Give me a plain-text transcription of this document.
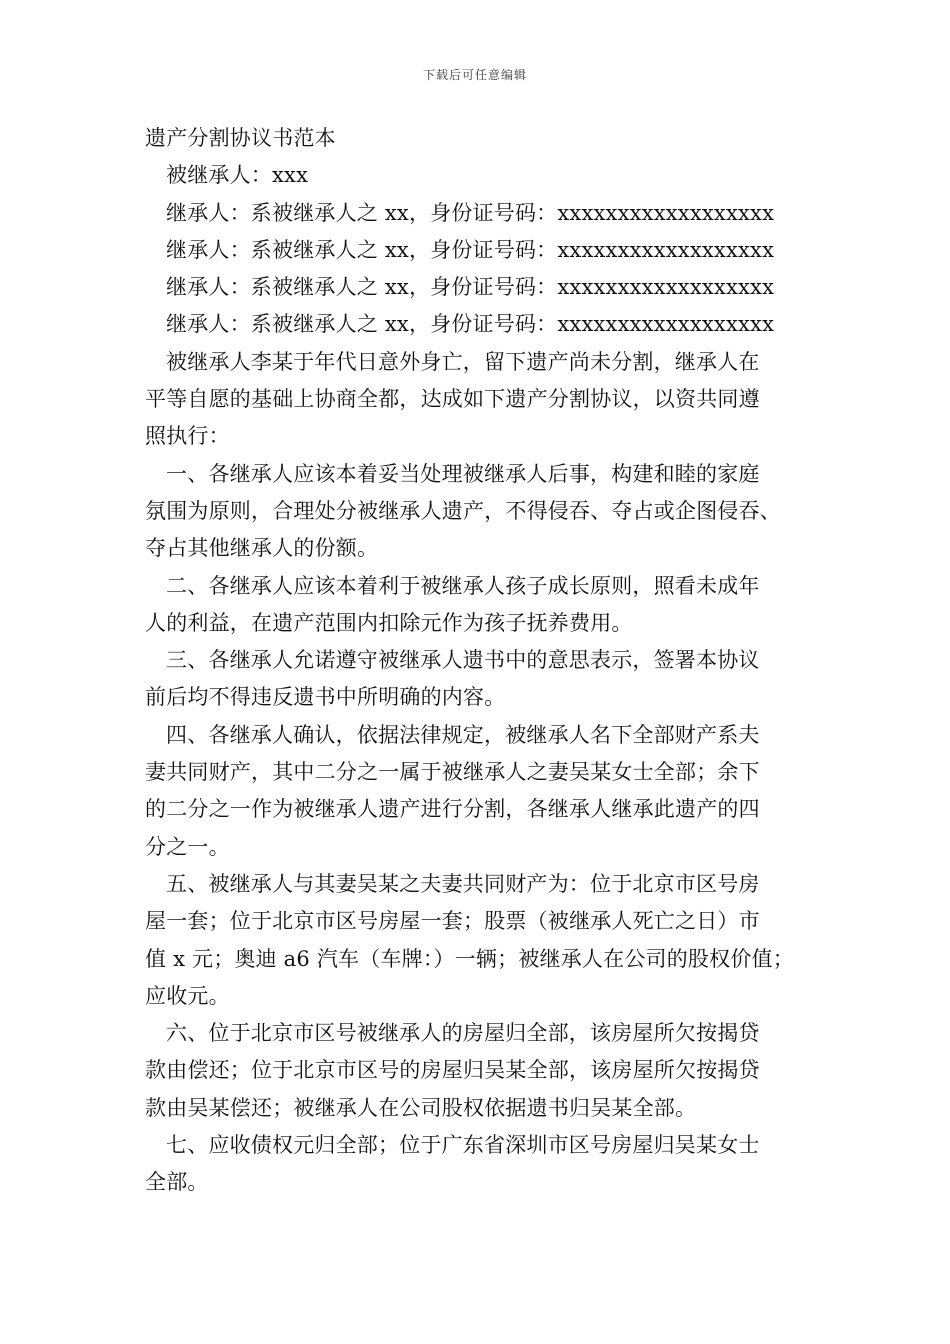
下载后可任意编辑
遗产分割协议书范本
被继承人：xxx
继承人：系被继承人之 xx，身份证号码：xxxxxxxxxxxxxxxxxx
继承人：系被继承人之 xx，身份证号码：xxxxxxxxxxxxxxxxxx
继承人：系被继承人之 xx，身份证号码：xxxxxxxxxxxxxxxxxx
继承人：系被继承人之 xx，身份证号码：xxxxxxxxxxxxxxxxxx
被继承人李某于年代日意外身亡，留下遗产尚未分割，继承人在
平等自愿的基础上协商全都，达成如下遗产分割协议，以资共同遵
照执行：
一、各继承人应该本着妥当处理被继承人后事，构建和睦的家庭
氛围为原则，合理处分被继承人遗产，不得侵吞、夺占或企图侵吞、
夺占其他继承人的份额。
二、各继承人应该本着利于被继承人孩子成长原则，照看未成年
人的利益，在遗产范围内扣除元作为孩子抚养费用。
三、各继承人允诺遵守被继承人遗书中的意思表示，签署本协议
前后均不得违反遗书中所明确的内容。
四、各继承人确认，依据法律规定，被继承人名下全部财产系夫
妻共同财产，其中二分之一属于被继承人之妻吴某女士全部；余下
的二分之一作为被继承人遗产进行分割，各继承人继承此遗产的四
分之一。
五、被继承人与其妻吴某之夫妻共同财产为：位于北京市区号房
屋一套；位于北京市区号房屋一套；股票（被继承人死亡之日）市
值 x 元；奥迪 a6 汽车（车牌：）一辆；被继承人在公司的股权价值；
应收元。
六、位于北京市区号被继承人的房屋归全部，该房屋所欠按揭贷
款由偿还；位于北京市区号的房屋归吴某全部，该房屋所欠按揭贷
款由吴某偿还；被继承人在公司股权依据遗书归吴某全部。
七、应收债权元归全部；位于广东省深圳市区号房屋归吴某女士
全部。
